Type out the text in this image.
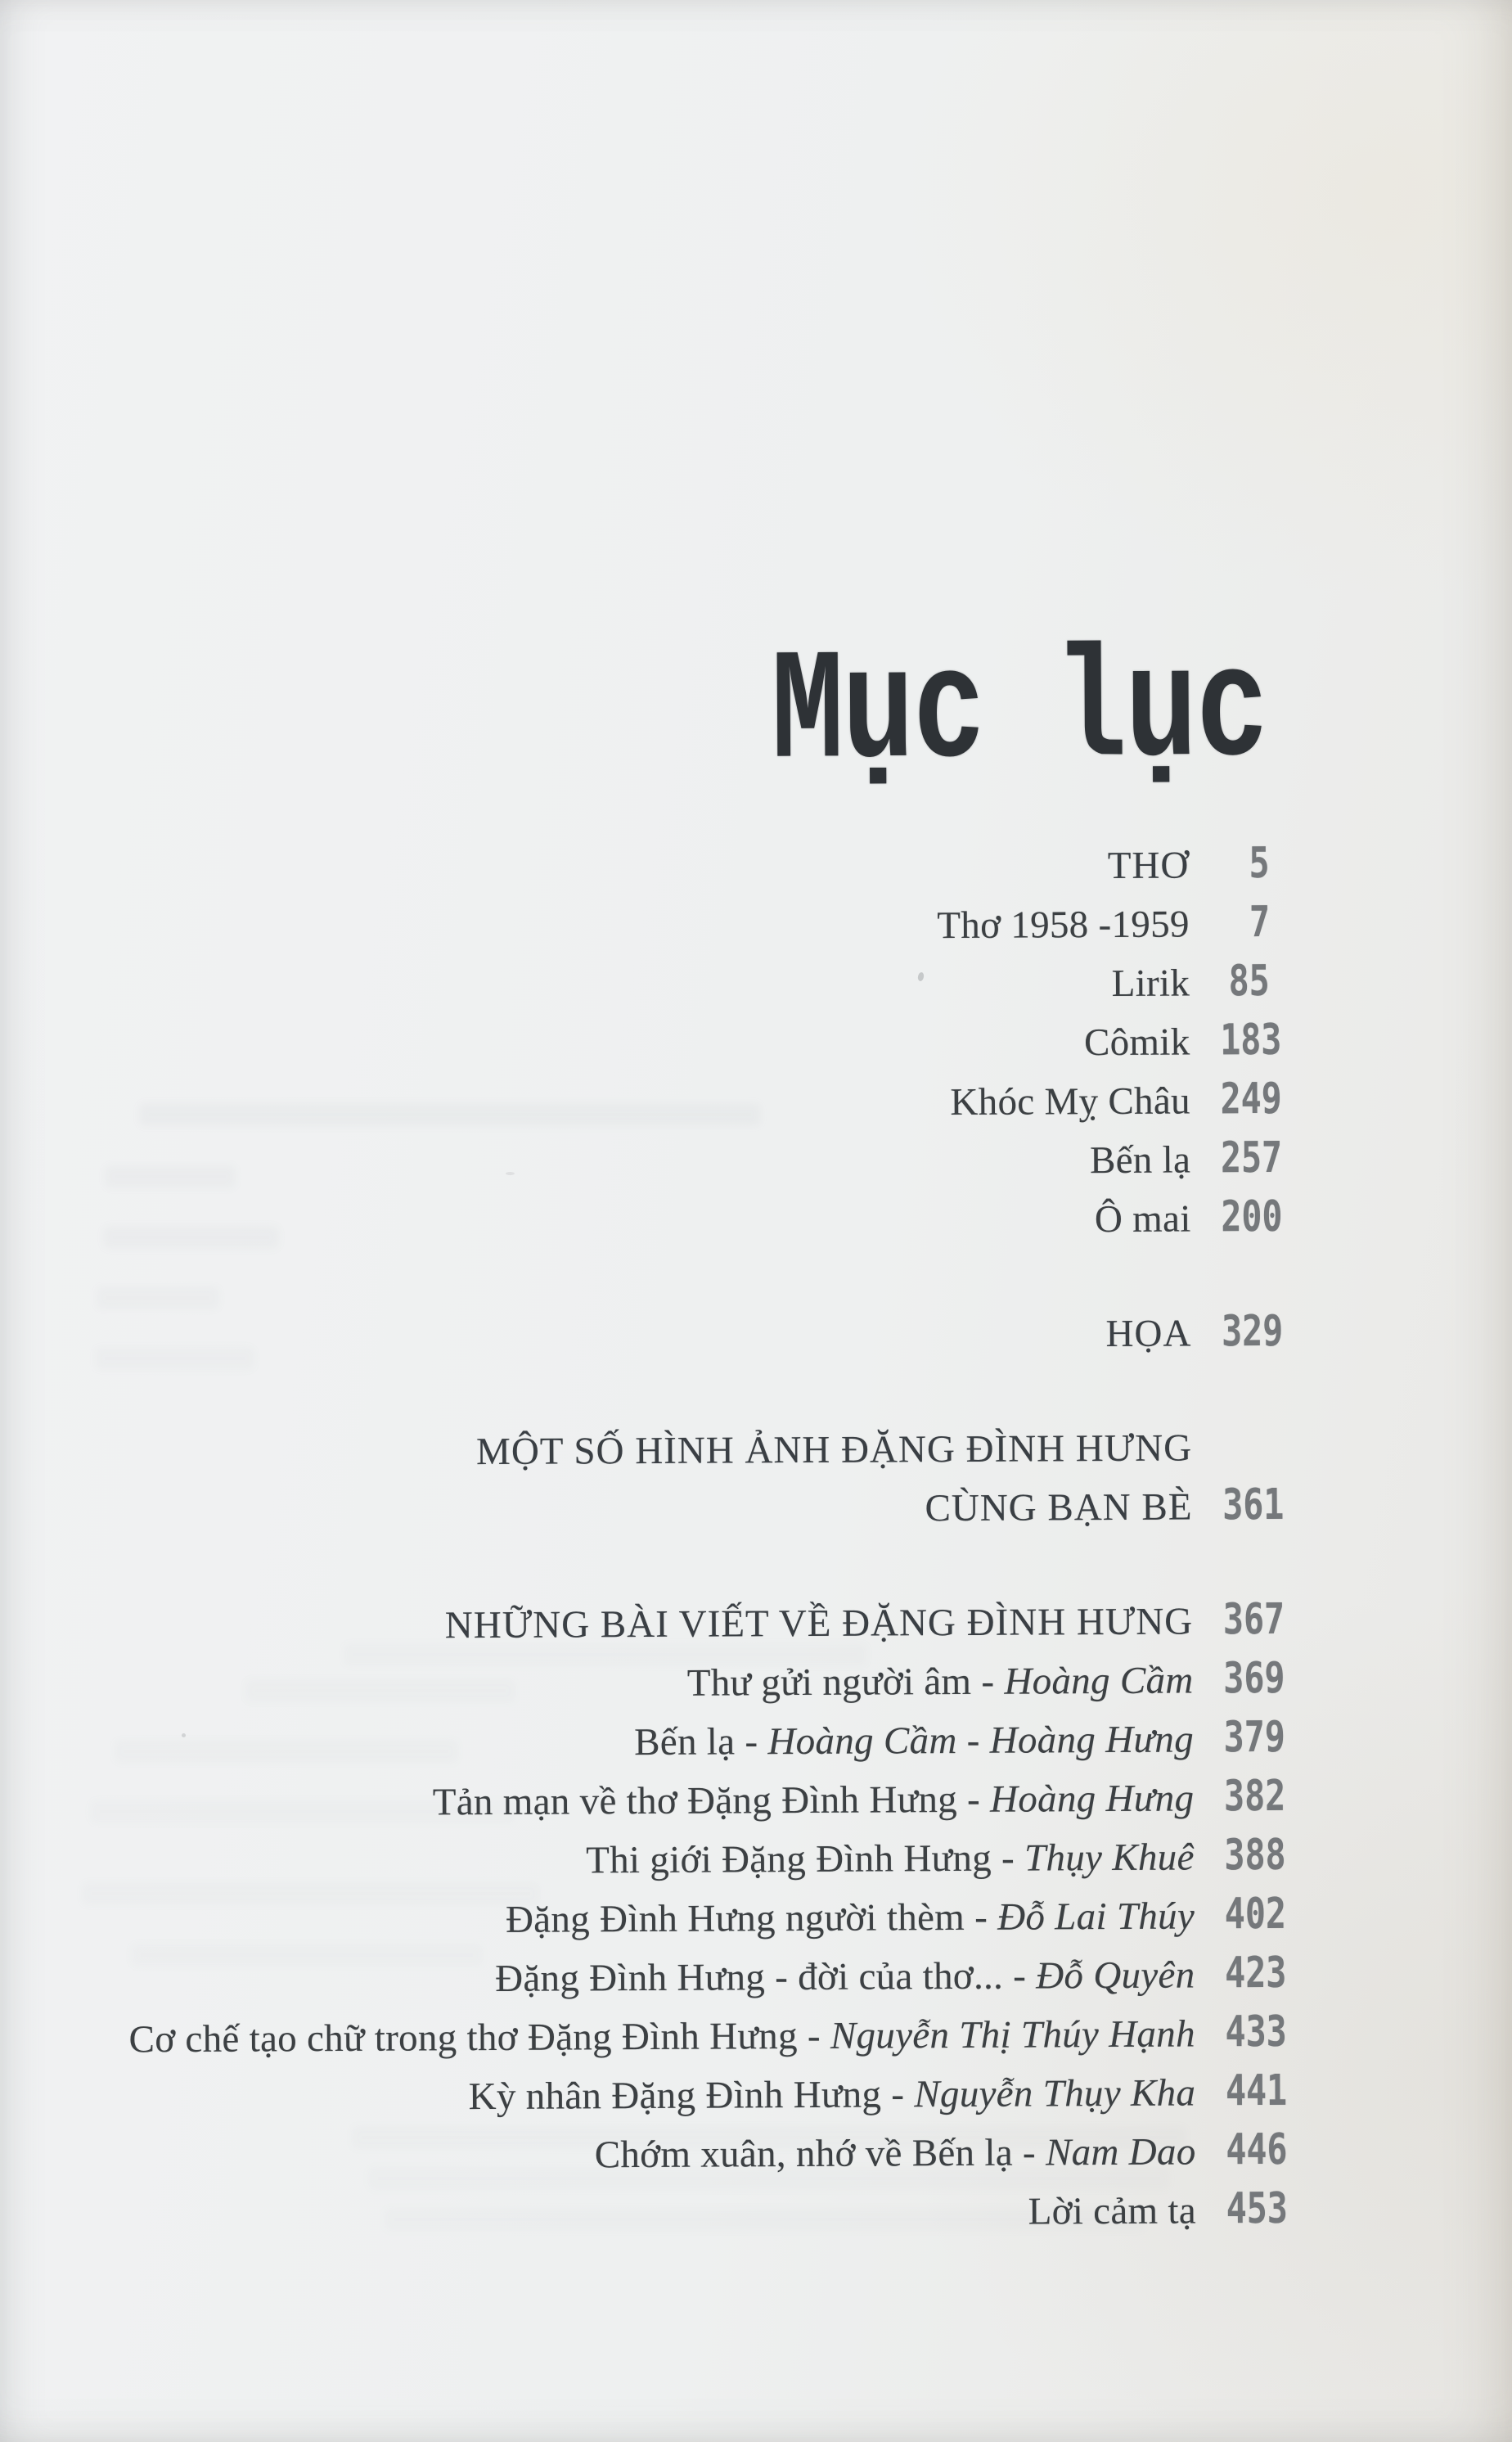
Mục lục
THƠ	5
Thơ 1958 -1959	7
Lirik 85
Cômik 183
Khóc Mỵ Châu 249
Bến lạ 257
Ô mai 200
HỌA 329
MỘT SỐ HÌNH ẢNH ĐẶNG ĐÌNH HƯNG
CÙNG BẠN BÈ 361
NHỮNG BÀI VIẾT VỀ ĐẶNG ĐÌNH HƯNG 367
Thư gửi người âm - Hoàng Cầm 369
Bến lạ - Hoàng Cầm - Hoàng Hưng 379
Tản mạn về thơ Đặng Đình Hưng - Hoàng Hưng 382
Thi giới Đặng Đình Hưng - Thụy Khuê 388
Đặng Đình Hưng người thèm - Đỗ Lai Thúy 402
Đặng Đình Hưng - đời của thơ... - Đỗ Quyên 423
Cơ chế tạo chữ trong thơ Đặng Đình Hưng - Nguyễn Thị Thúy Hạnh 433
Kỳ nhân Đặng Đình Hưng - Nguyễn Thụy Kha 441
Chớm xuân, nhớ về Bến lạ - Nam Dao 446
Lời cảm tạ 453
